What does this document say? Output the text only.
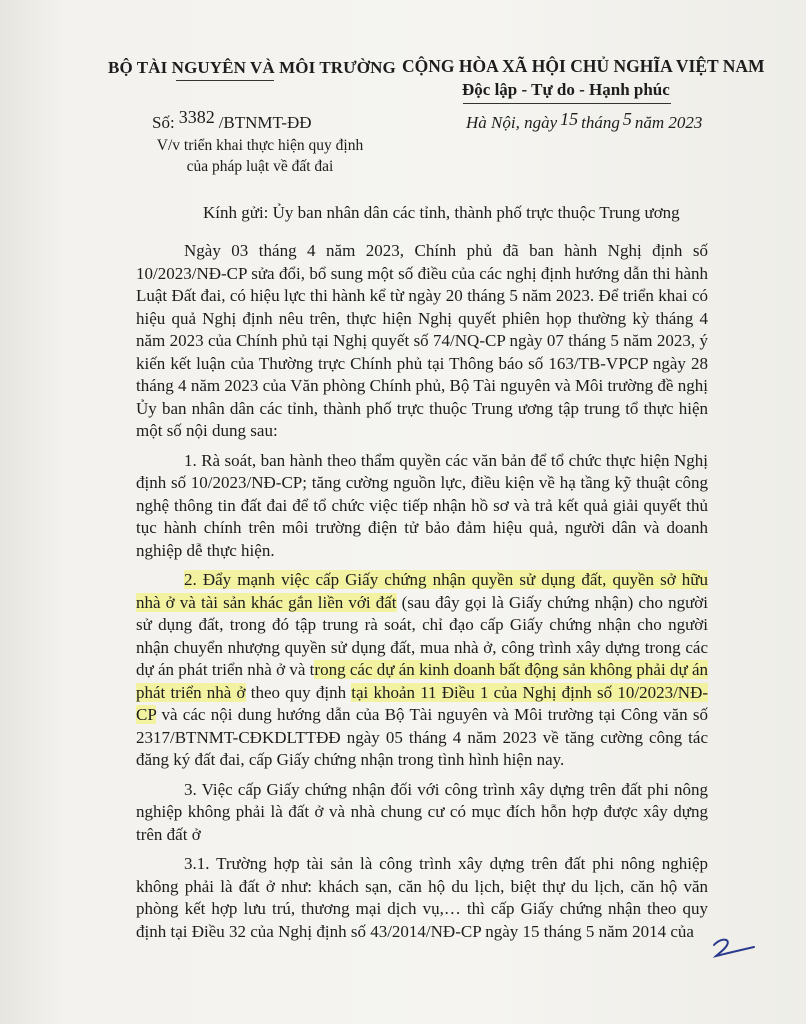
BỘ TÀI NGUYÊN VÀ MÔI TRƯỜNG
Số: 3382 /BTNMT-ĐĐ
V/v triển khai thực hiện quy định
của pháp luật về đất đai
CỘNG HÒA XÃ HỘI CHỦ NGHĨA VIỆT NAM
Độc lập - Tự do - Hạnh phúc
Hà Nội, ngày 15 tháng 5 năm 2023
Kính gửi: Ủy ban nhân dân các tỉnh, thành phố trực thuộc Trung ương

Ngày 03 tháng 4 năm 2023, Chính phủ đã ban hành Nghị định số 10/2023/NĐ-CP sửa đổi, bổ sung một số điều của các nghị định hướng dẫn thi hành Luật Đất đai, có hiệu lực thi hành kể từ ngày 20 tháng 5 năm 2023. Để triển khai có hiệu quả Nghị định nêu trên, thực hiện Nghị quyết phiên họp thường kỳ tháng 4 năm 2023 của Chính phủ tại Nghị quyết số 74/NQ-CP ngày 07 tháng 5 năm 2023, ý kiến kết luận của Thường trực Chính phủ tại Thông báo số 163/TB-VPCP ngày 28 tháng 4 năm 2023 của Văn phòng Chính phủ, Bộ Tài nguyên và Môi trường đề nghị Ủy ban nhân dân các tỉnh, thành phố trực thuộc Trung ương tập trung tổ thực hiện một số nội dung sau:

1. Rà soát, ban hành theo thẩm quyền các văn bản để tổ chức thực hiện Nghị định số 10/2023/NĐ-CP; tăng cường nguồn lực, điều kiện về hạ tầng kỹ thuật công nghệ thông tin đất đai để tổ chức việc tiếp nhận hồ sơ và trả kết quả giải quyết thủ tục hành chính trên môi trường điện tử bảo đảm hiệu quả, người dân và doanh nghiệp dễ thực hiện.

2. Đẩy mạnh việc cấp Giấy chứng nhận quyền sử dụng đất, quyền sở hữu nhà ở và tài sản khác gắn liền với đất (sau đây gọi là Giấy chứng nhận) cho người sử dụng đất, trong đó tập trung rà soát, chỉ đạo cấp Giấy chứng nhận cho người nhận chuyển nhượng quyền sử dụng đất, mua nhà ở, công trình xây dựng trong các dự án phát triển nhà ở và trong các dự án kinh doanh bất động sản không phải dự án phát triển nhà ở theo quy định tại khoản 11 Điều 1 của Nghị định số 10/2023/NĐ-CP và các nội dung hướng dẫn của Bộ Tài nguyên và Môi trường tại Công văn số 2317/BTNMT-CĐKDLTTĐĐ ngày 05 tháng 4 năm 2023 về tăng cường công tác đăng ký đất đai, cấp Giấy chứng nhận trong tình hình hiện nay.

3. Việc cấp Giấy chứng nhận đối với công trình xây dựng trên đất phi nông nghiệp không phải là đất ở và nhà chung cư có mục đích hỗn hợp được xây dựng trên đất ở

3.1. Trường hợp tài sản là công trình xây dựng trên đất phi nông nghiệp không phải là đất ở như: khách sạn, căn hộ du lịch, biệt thự du lịch, căn hộ văn phòng kết hợp lưu trú, thương mại dịch vụ,… thì cấp Giấy chứng nhận theo quy định tại Điều 32 của Nghị định số 43/2014/NĐ-CP ngày 15 tháng 5 năm 2014 của
